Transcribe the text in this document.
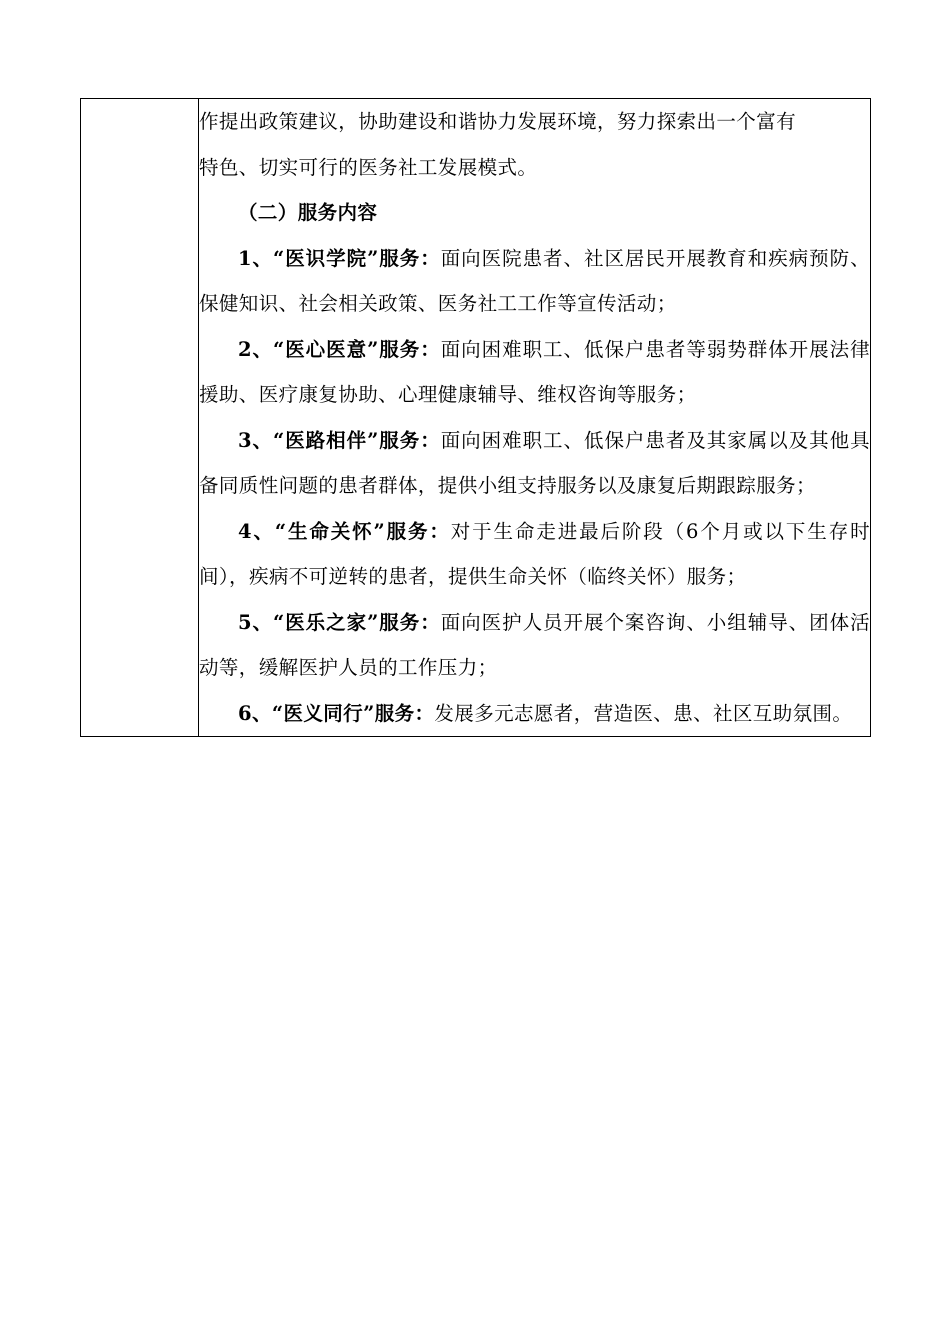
作提出政策建议，协助建设和谐协力发展环境，努力探索出一个富有

特色、切实可行的医务社工发展模式。

（二）服务内容

1、“医识学院”服务：面向医院患者、社区居民开展教育和疾病预防、保健知识、社会相关政策、医务社工工作等宣传活动；

2、“医心医意”服务：面向困难职工、低保户患者等弱势群体开展法律援助、医疗康复协助、心理健康辅导、维权咨询等服务；

3、“医路相伴”服务：面向困难职工、低保户患者及其家属以及其他具备同质性问题的患者群体，提供小组支持服务以及康复后期跟踪服务；

4、“生命关怀”服务：对于生命走进最后阶段（6个月或以下生存时间），疾病不可逆转的患者，提供生命关怀（临终关怀）服务；

5、“医乐之家”服务：面向医护人员开展个案咨询、小组辅导、团体活动等，缓解医护人员的工作压力；

6、“医义同行”服务：发展多元志愿者，营造医、患、社区互助氛围。
